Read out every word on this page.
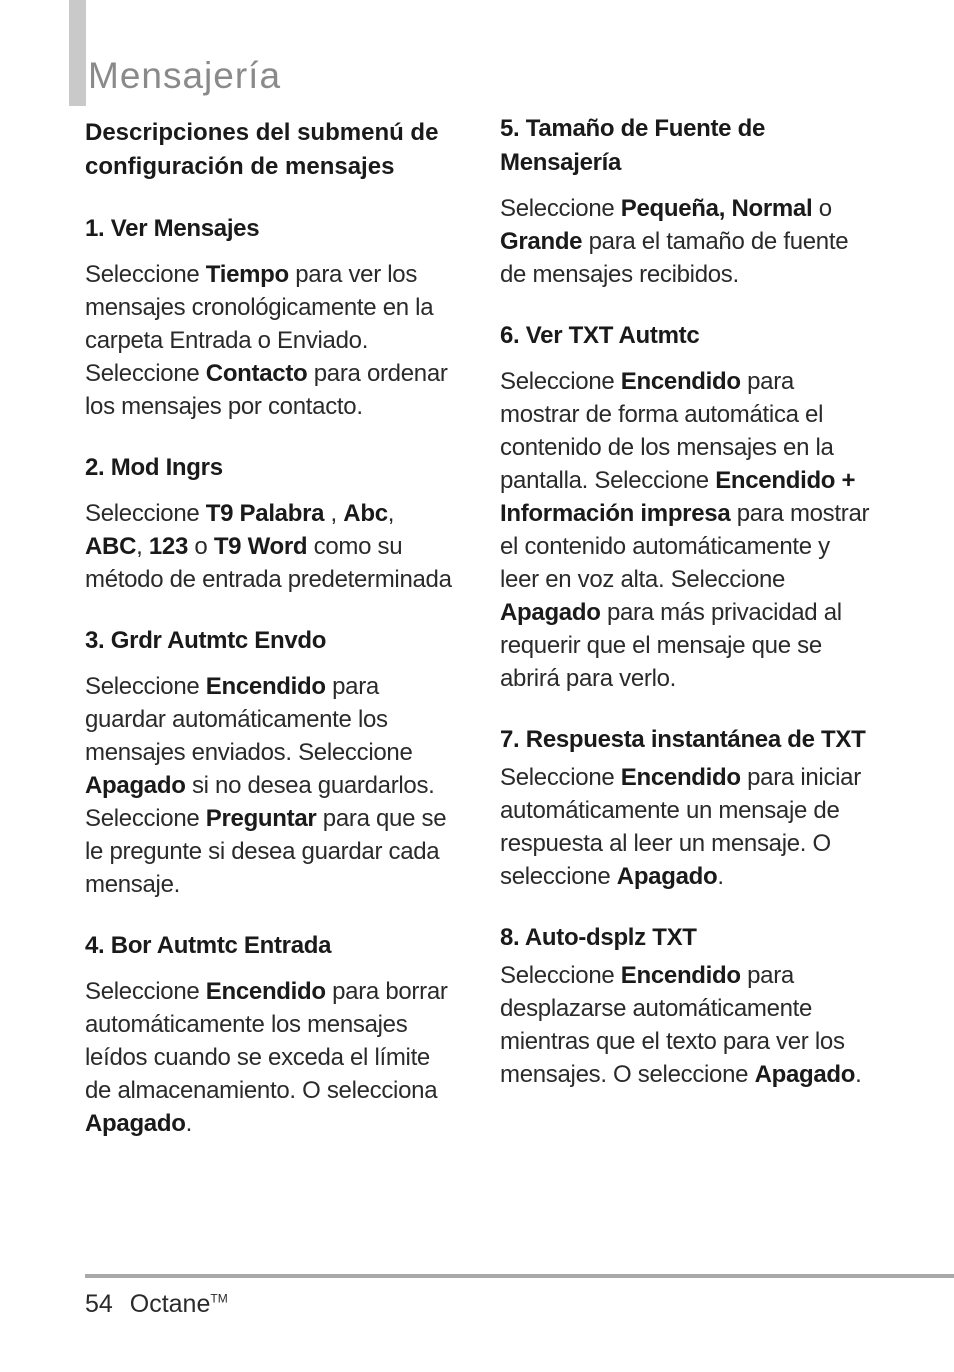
Mensajería

Descripciones del submenú de configuración de mensajes

1. Ver Mensajes

Seleccione Tiempo para ver los mensajes cronológicamente en la carpeta Entrada o Enviado. Seleccione Contacto para ordenar los mensajes por contacto.

2. Mod Ingrs

Seleccione T9 Palabra , Abc, ABC, 123 o T9 Word como su método de entrada predeterminada

3. Grdr Autmtc Envdo

Seleccione Encendido para guardar automáticamente los mensajes enviados. Seleccione Apagado si no desea guardarlos. Seleccione Preguntar para que se le pregunte si desea guardar cada mensaje.

4. Bor Autmtc Entrada

Seleccione Encendido para borrar automáticamente los mensajes leídos cuando se exceda el límite de almacenamiento. O selecciona Apagado.

5. Tamaño de Fuente de Mensajería

Seleccione Pequeña, Normal o Grande para el tamaño de fuente de mensajes recibidos.

6. Ver TXT Autmtc

Seleccione Encendido para mostrar de forma automática el contenido de los mensajes en la pantalla. Seleccione Encendido + Información impresa para mostrar el contenido automáticamente y leer en voz alta. Seleccione Apagado para más privacidad al requerir que el mensaje que se abrirá para verlo.

7. Respuesta instantánea de TXT

Seleccione Encendido para iniciar automáticamente un mensaje de respuesta al leer un mensaje. O seleccione Apagado.

8. Auto-dsplz TXT

Seleccione Encendido para desplazarse automáticamente mientras que el texto para ver los mensajes. O seleccione Apagado.

54 Octane™
